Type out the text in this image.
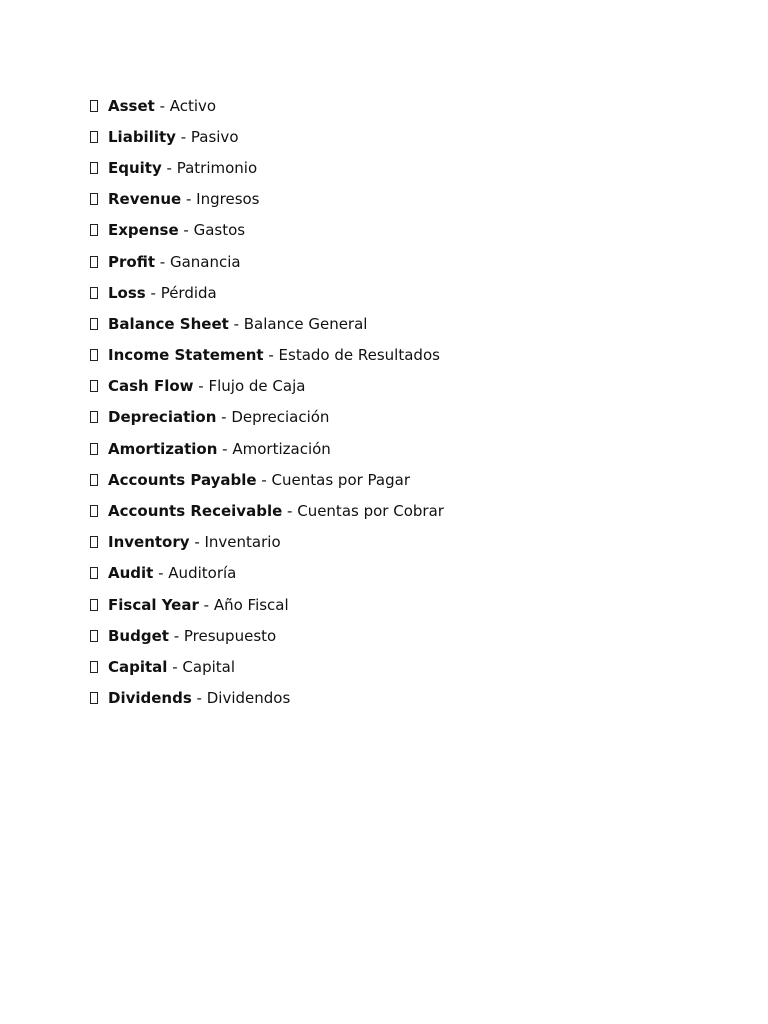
Asset - Activo
Liability - Pasivo
Equity - Patrimonio
Revenue - Ingresos
Expense - Gastos
Profit - Ganancia
Loss - Pérdida
Balance Sheet - Balance General
Income Statement - Estado de Resultados
Cash Flow - Flujo de Caja
Depreciation - Depreciación
Amortization - Amortización
Accounts Payable - Cuentas por Pagar
Accounts Receivable - Cuentas por Cobrar
Inventory - Inventario
Audit - Auditoría
Fiscal Year - Año Fiscal
Budget - Presupuesto
Capital - Capital
Dividends - Dividendos
